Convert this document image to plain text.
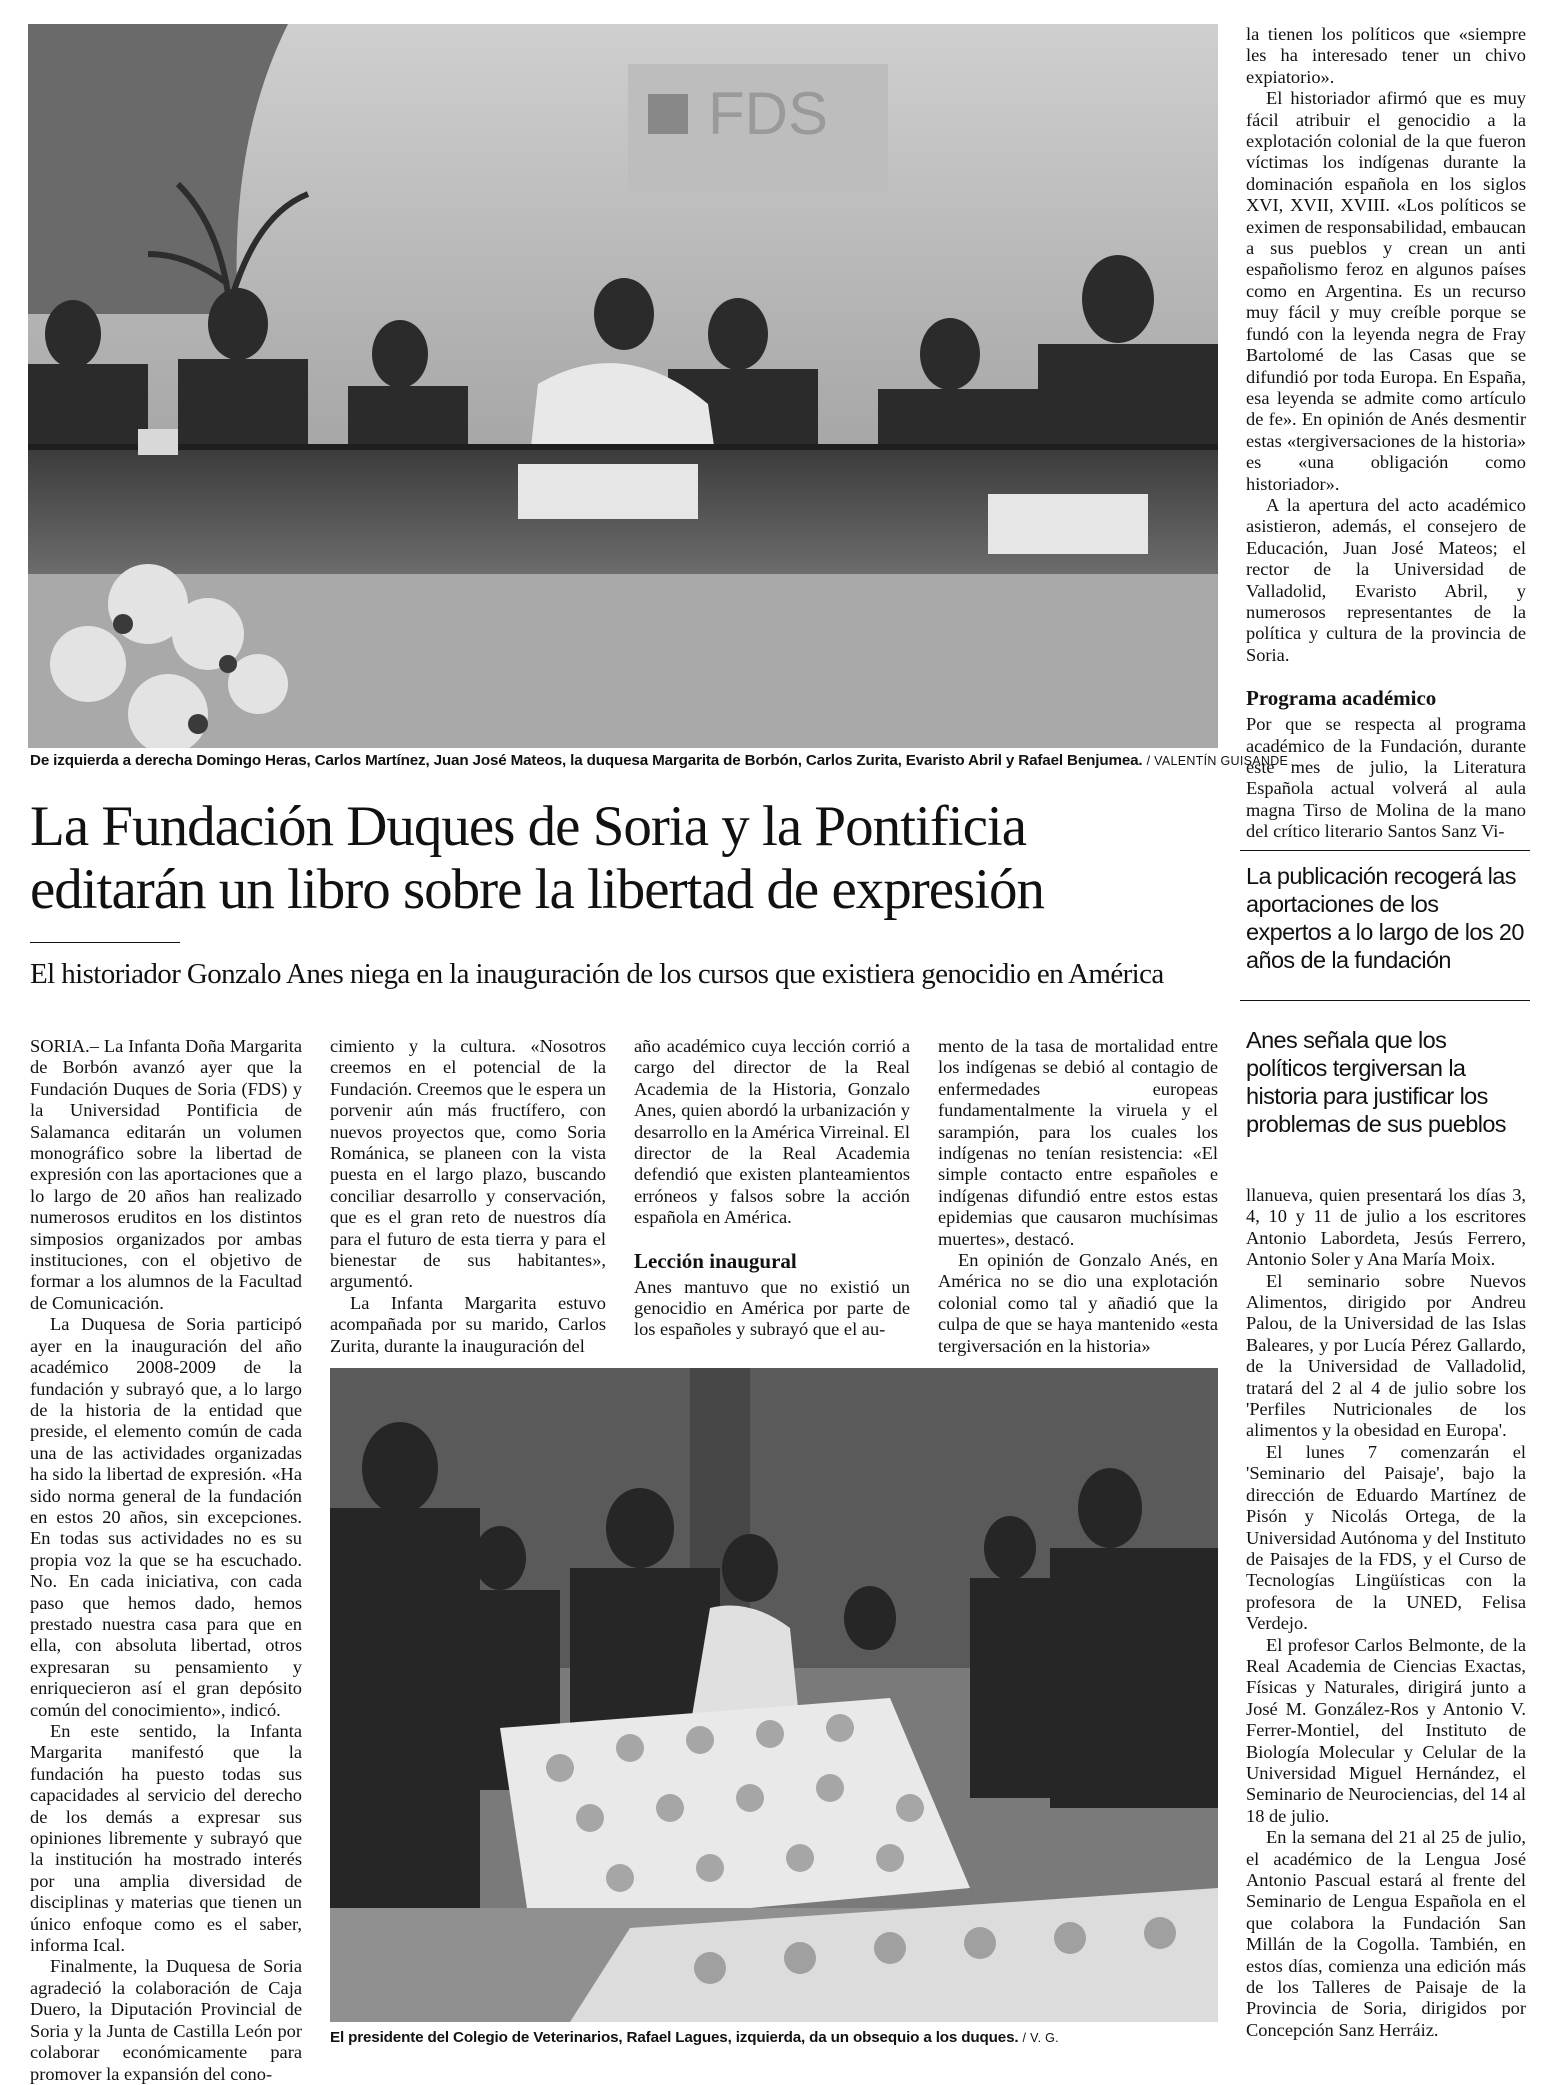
FDS
De izquierda a derecha Domingo Heras, Carlos Martínez, Juan José Mateos, la duquesa Margarita de Borbón, Carlos Zurita, Evaristo Abril y Rafael Benjumea. / VALENTÍN GUISANDE
La Fundación Duques de Soria y la Pontificia
editarán un libro sobre la libertad de expresión
El historiador Gonzalo Anes niega en la inauguración de los cursos que existiera genocidio en América

SORIA.– La Infanta Doña Margarita de Borbón avanzó ayer que la Fundación Duques de Soria (FDS) y la Universidad Pontificia de Salamanca editarán un volumen monográfico sobre la libertad de expresión con las aportaciones que a lo largo de 20 años han realizado numerosos eruditos en los distintos simposios organizados por ambas instituciones, con el objetivo de formar a los alumnos de la Facultad de Comunicación.

La Duquesa de Soria participó ayer en la inauguración del año académico 2008-2009 de la fundación y subrayó que, a lo largo de la historia de la entidad que preside, el elemento común de cada una de las actividades organizadas ha sido la libertad de expresión. «Ha sido norma general de la fundación en estos 20 años, sin excepciones. En todas sus actividades no es su propia voz la que se ha escuchado. No. En cada iniciativa, con cada paso que hemos dado, hemos prestado nuestra casa para que en ella, con absoluta libertad, otros expresaran su pensamiento y enriquecieron así el gran depósito común del conocimiento», indicó.

En este sentido, la Infanta Margarita manifestó que la fundación ha puesto todas sus capacidades al servicio del derecho de los demás a expresar sus opiniones libremente y subrayó que la institución ha mostrado interés por una amplia diversidad de disciplinas y materias que tienen un único enfoque como es el saber, informa Ical.

Finalmente, la Duquesa de Soria agradeció la colaboración de Caja Duero, la Diputación Provincial de Soria y la Junta de Castilla León por colaborar económicamente para promover la expansión del cono-

cimiento y la cultura. «Nosotros creemos en el potencial de la Fundación. Creemos que le espera un porvenir aún más fructífero, con nuevos proyectos que, como Soria Románica, se planeen con la vista puesta en el largo plazo, buscando conciliar desarrollo y conservación, que es el gran reto de nuestros día para el futuro de esta tierra y para el bienestar de sus habitantes», argumentó.

La Infanta Margarita estuvo acompañada por su marido, Carlos Zurita, durante la inauguración del

año académico cuya lección corrió a cargo del director de la Real Academia de la Historia, Gonzalo Anes, quien abordó la urbanización y desarrollo en la América Virreinal. El director de la Real Academia defendió que existen planteamientos erróneos y falsos sobre la acción española en América.

Lección inaugural

Anes mantuvo que no existió un genocidio en América por parte de los españoles y subrayó que el au-

mento de la tasa de mortalidad entre los indígenas se debió al contagio de enfermedades europeas fundamentalmente la viruela y el sarampión, para los cuales los indígenas no tenían resistencia: «El simple contacto entre españoles e indígenas difundió entre estos estas epidemias que causaron muchísimas muertes», destacó.

En opinión de Gonzalo Anés, en América no se dio una explotación colonial como tal y añadió que la culpa de que se haya mantenido «esta tergiversación en la historia»

El presidente del Colegio de Veterinarios, Rafael Lagues, izquierda, da un obsequio a los duques. / V. G.

la tienen los políticos que «siempre les ha interesado tener un chivo expiatorio».

El historiador afirmó que es muy fácil atribuir el genocidio a la explotación colonial de la que fueron víctimas los indígenas durante la dominación española en los siglos XVI, XVII, XVIII. «Los políticos se eximen de responsabilidad, embaucan a sus pueblos y crean un anti españolismo feroz en algunos países como en Argentina. Es un recurso muy fácil y muy creíble porque se fundó con la leyenda negra de Fray Bartolomé de las Casas que se difundió por toda Europa. En España, esa leyenda se admite como artículo de fe». En opinión de Anés desmentir estas «tergiversaciones de la historia» es «una obligación como historiador».

A la apertura del acto académico asistieron, además, el consejero de Educación, Juan José Mateos; el rector de la Universidad de Valladolid, Evaristo Abril, y numerosos representantes de la política y cultura de la provincia de Soria.

Programa académico

Por que se respecta al programa académico de la Fundación, durante este mes de julio, la Literatura Española actual volverá al aula magna Tirso de Molina de la mano del crítico literario Santos Sanz Vi-

La publicación recogerá las aportaciones de los expertos a lo largo de los 20 años de la fundación
Anes señala que los políticos tergiversan la historia para justificar los problemas de sus pueblos

llanueva, quien presentará los días 3, 4, 10 y 11 de julio a los escritores Antonio Labordeta, Jesús Ferrero, Antonio Soler y Ana María Moix.

El seminario sobre Nuevos Alimentos, dirigido por Andreu Palou, de la Universidad de las Islas Baleares, y por Lucía Pérez Gallardo, de la Universidad de Valladolid, tratará del 2 al 4 de julio sobre los 'Perfiles Nutricionales de los alimentos y la obesidad en Europa'.

El lunes 7 comenzarán el 'Seminario del Paisaje', bajo la dirección de Eduardo Martínez de Pisón y Nicolás Ortega, de la Universidad Autónoma y del Instituto de Paisajes de la FDS, y el Curso de Tecnologías Lingüísticas con la profesora de la UNED, Felisa Verdejo.

El profesor Carlos Belmonte, de la Real Academia de Ciencias Exactas, Físicas y Naturales, dirigirá junto a José M. González-Ros y Antonio V. Ferrer-Montiel, del Instituto de Biología Molecular y Celular de la Universidad Miguel Hernández, el Seminario de Neurociencias, del 14 al 18 de julio.

En la semana del 21 al 25 de julio, el académico de la Lengua José Antonio Pascual estará al frente del Seminario de Lengua Española en el que colabora la Fundación San Millán de la Cogolla. También, en estos días, comienza una edición más de los Talleres de Paisaje de la Provincia de Soria, dirigidos por Concepción Sanz Herráiz.
